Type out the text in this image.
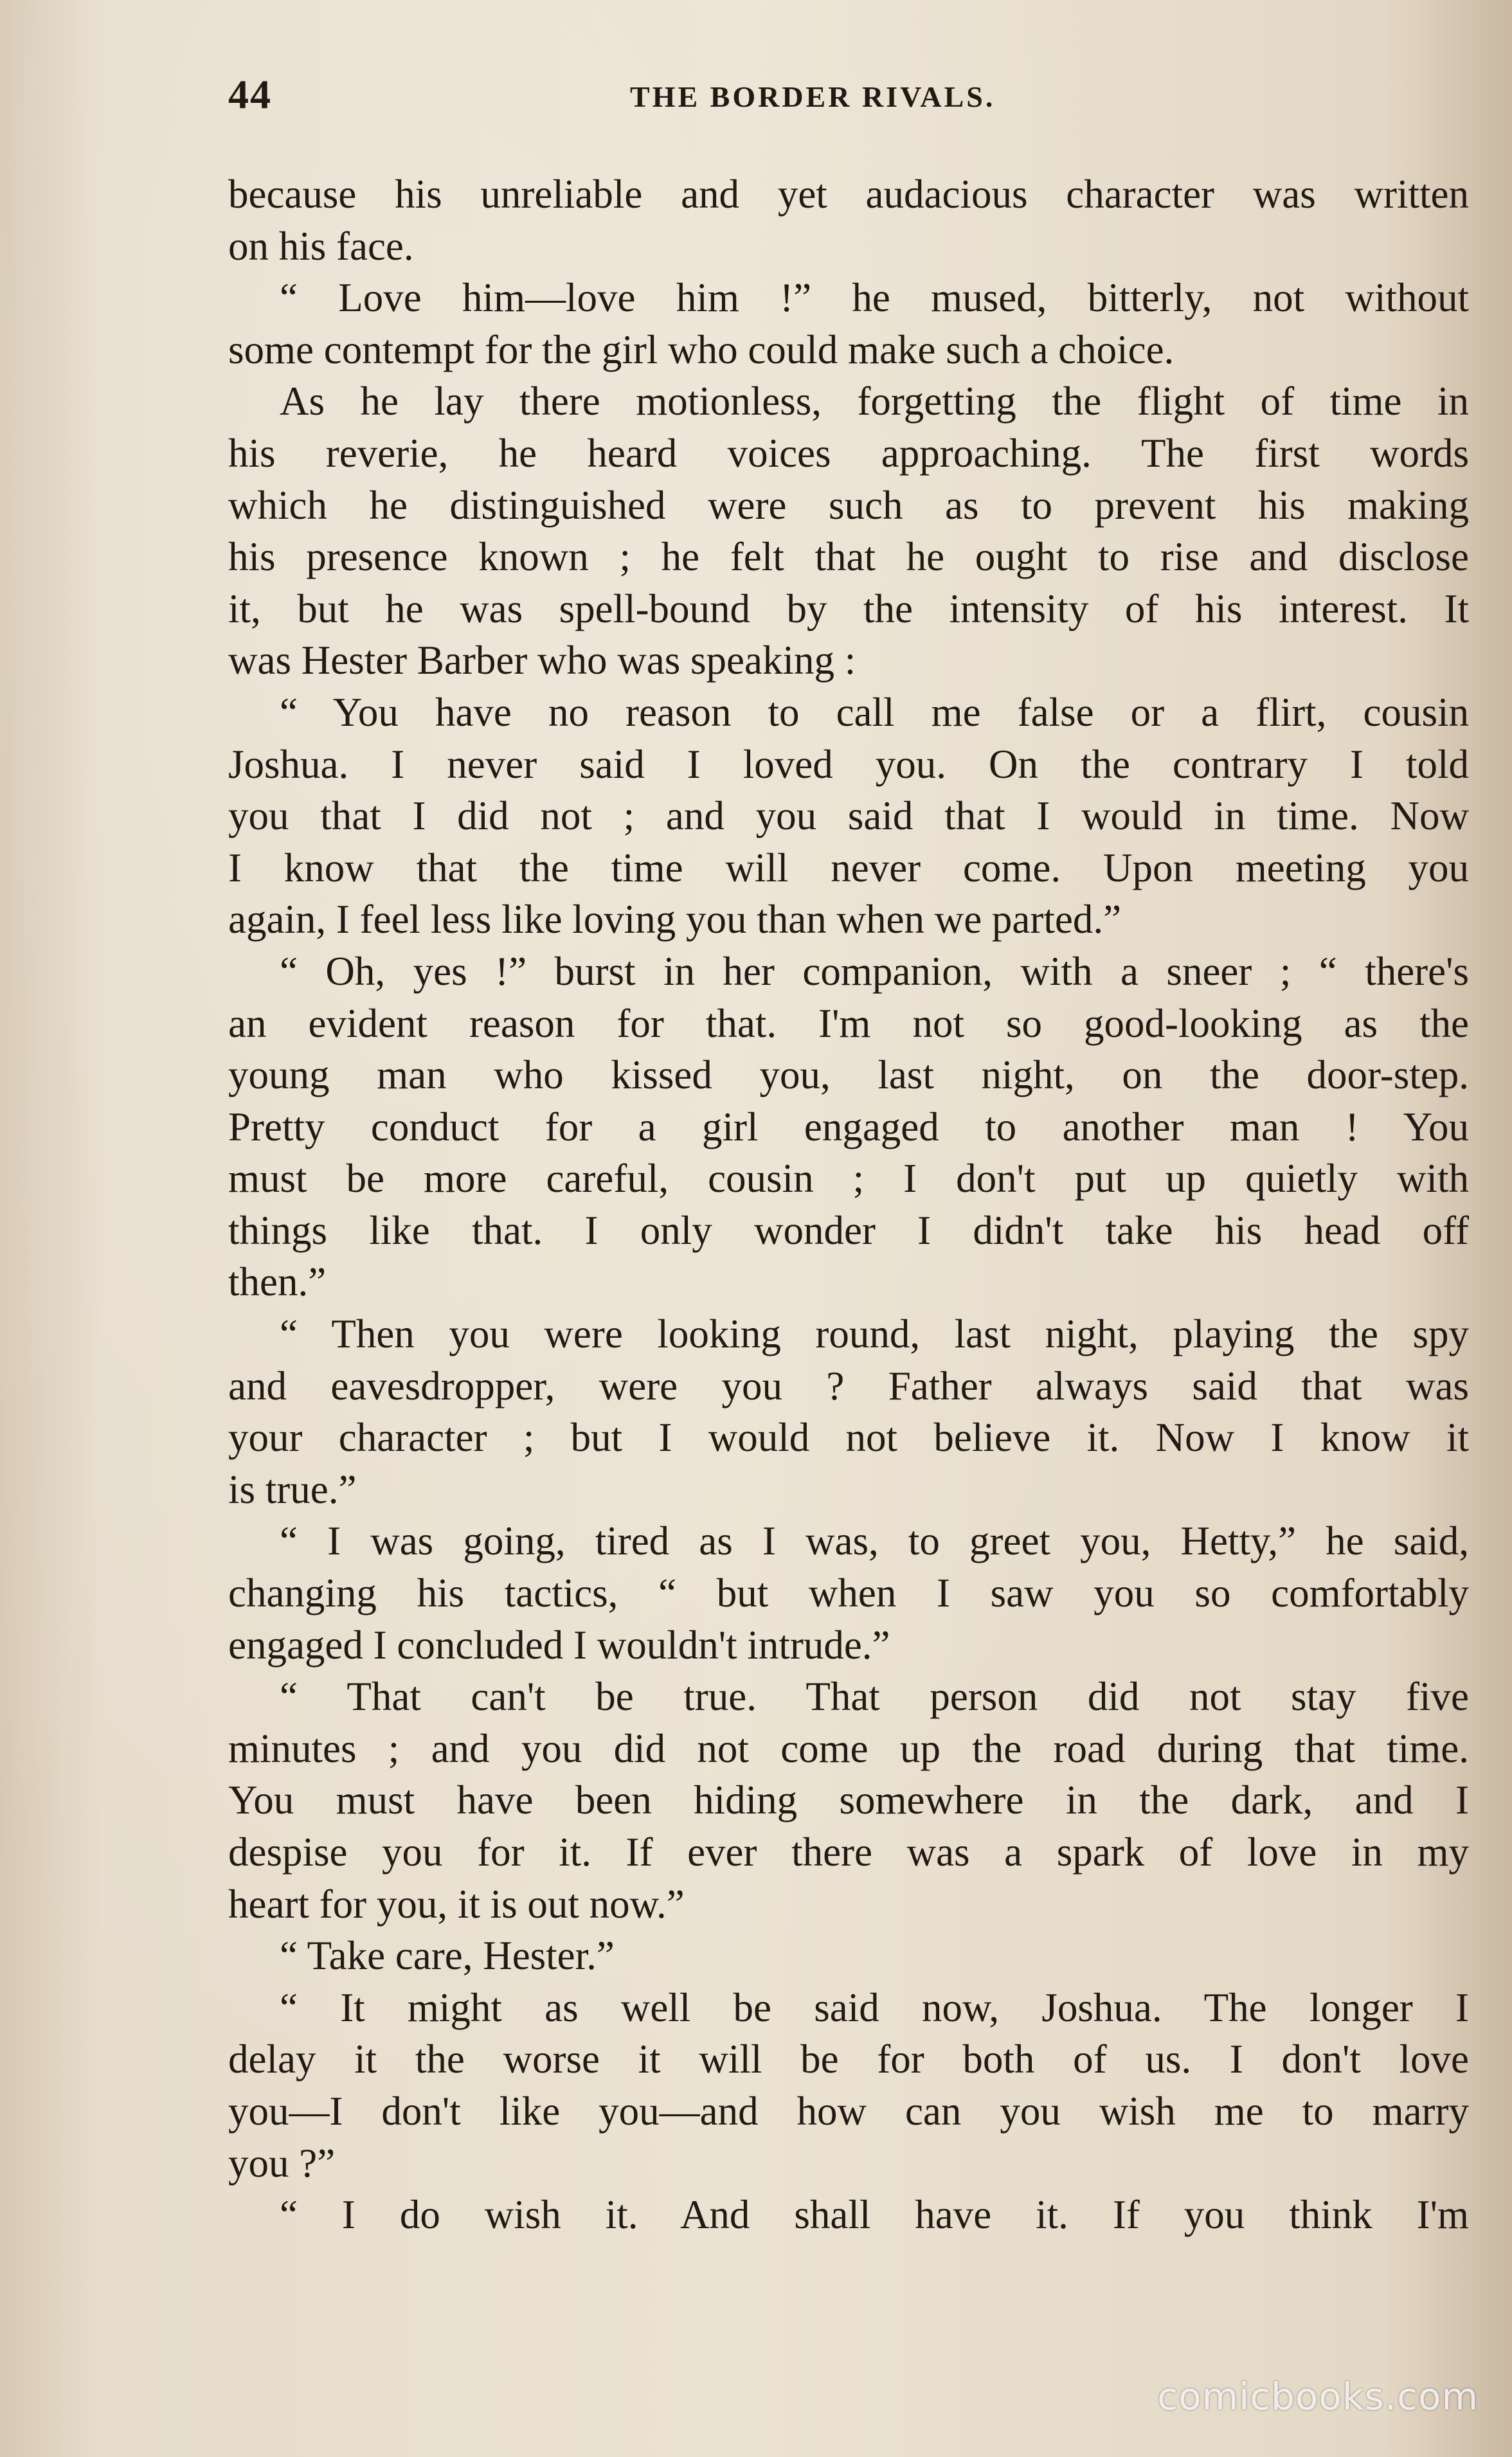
44	THE BORDER RIVALS.
because his unreliable and yet audacious character was written
on his face.
“ Love him—love him !” he mused, bitterly, not without
some contempt for the girl who could make such a choice.
As he lay there motionless, forgetting the flight of time in
his reverie, he heard voices approaching. The first words
which he distinguished were such as to prevent his making
his presence known ; he felt that he ought to rise and disclose
it, but he was spell-bound by the intensity of his interest. It
was Hester Barber who was speaking :
“ You have no reason to call me false or a flirt, cousin
Joshua. I never said I loved you. On the contrary I told
you that I did not ; and you said that I would in time. Now
I know that the time will never come. Upon meeting you
again, I feel less like loving you than when we parted.”
“ Oh, yes !” burst in her companion, with a sneer ; “ there's
an evident reason for that. I'm not so good-looking as the
young man who kissed you, last night, on the door-step.
Pretty conduct for a girl engaged to another man ! You
must be more careful, cousin ; I don't put up quietly with
things like that. I only wonder I didn't take his head off
then.”
“ Then you were looking round, last night, playing the spy
and eavesdropper, were you ? Father always said that was
your character ; but I would not believe it. Now I know it
is true.”
“ I was going, tired as I was, to greet you, Hetty,” he said,
changing his tactics, “ but when I saw you so comfortably
engaged I concluded I wouldn't intrude.”
“ That can't be true. That person did not stay five
minutes ; and you did not come up the road during that time.
You must have been hiding somewhere in the dark, and I
despise you for it. If ever there was a spark of love in my
heart for you, it is out now.”
“ Take care, Hester.”
“ It might as well be said now, Joshua. The longer I
delay it the worse it will be for both of us. I don't love
you—I don't like you—and how can you wish me to marry
you ?”
“ I do wish it. And shall have it. If you think I'm
comicbooks.com
